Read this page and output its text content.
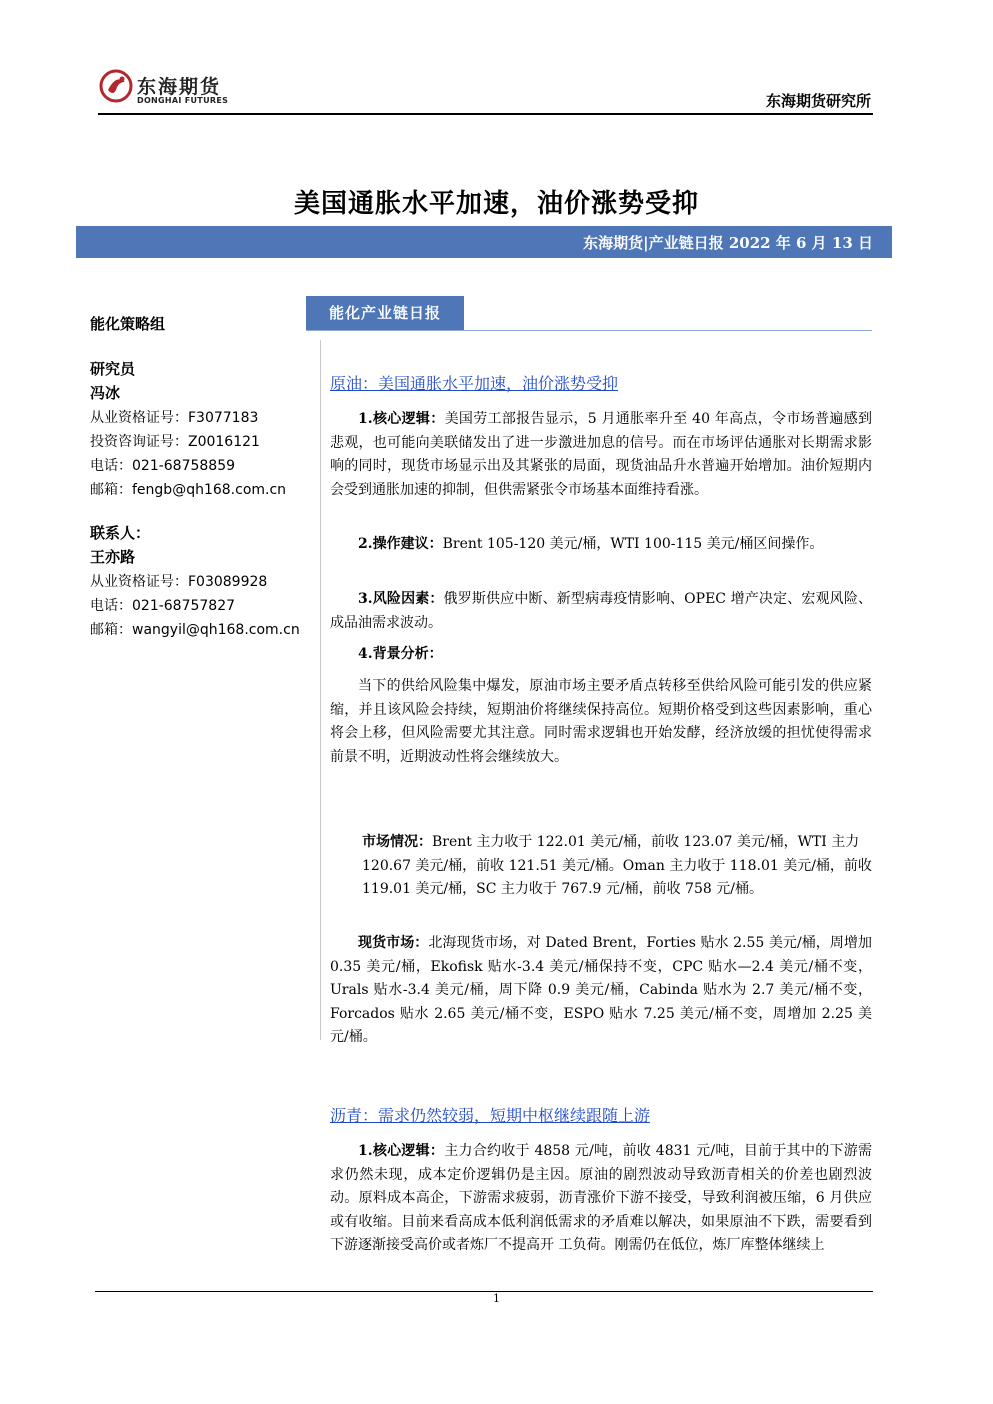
东海期货
DONGHAI FUTURES	东海期货研究所
美国通胀水平加速，油价涨势受抑
东海期货|产业链日报 2022 年 6 月 13 日
能化策略组
研究员
冯冰
从业资格证号：F3077183
投资咨询证号：Z0016121
电话：021-68758859
邮箱：fengb@qh168.com.cn
联系人：
王亦路
从业资格证号：F03089928
电话：021-68757827
邮箱：wangyil@qh168.com.cn
能化产业链日报
原油：美国通胀水平加速，油价涨势受抑
1.核心逻辑：美国劳工部报告显示，5 月通胀率升至 40 年高点，令市场普遍感到悲观，也可能向美联储发出了进一步激进加息的信号。而在市场评估通胀对长期需求影响的同时，现货市场显示出及其紧张的局面，现货油品升水普遍开始增加。油价短期内会受到通胀加速的抑制，但供需紧张令市场基本面维持看涨。
2.操作建议：Brent 105-120 美元/桶，WTI 100-115 美元/桶区间操作。
3.风险因素：俄罗斯供应中断、新型病毒疫情影响、OPEC 增产决定、宏观风险、成品油需求波动。
4.背景分析：
当下的供给风险集中爆发，原油市场主要矛盾点转移至供给风险可能引发的供应紧缩，并且该风险会持续，短期油价将继续保持高位。短期价格受到这些因素影响，重心将会上移，但风险需要尤其注意。同时需求逻辑也开始发酵，经济放缓的担忧使得需求前景不明，近期波动性将会继续放大。
市场情况：Brent 主力收于 122.01 美元/桶，前收 123.07 美元/桶，WTI 主力 120.67 美元/桶，前收 121.51 美元/桶。Oman 主力收于 118.01 美元/桶，前收 119.01 美元/桶，SC 主力收于 767.9 元/桶，前收 758 元/桶。
现货市场：北海现货市场，对 Dated Brent，Forties 贴水 2.55 美元/桶，周增加 0.35 美元/桶，Ekofisk 贴水-3.4 美元/桶保持不变，CPC 贴水—2.4 美元/桶不变，Urals 贴水-3.4 美元/桶，周下降 0.9 美元/桶，Cabinda 贴水为 2.7 美元/桶不变， Forcados 贴水 2.65 美元/桶不变，ESPO 贴水 7.25 美元/桶不变，周增加 2.25 美元/桶。
沥青：需求仍然较弱，短期中枢继续跟随上游
1.核心逻辑：主力合约收于 4858 元/吨，前收 4831 元/吨，目前于其中的下游需求仍然未现，成本定价逻辑仍是主因。原油的剧烈波动导致沥青相关的价差也剧烈波动。原料成本高企，下游需求疲弱，沥青涨价下游不接受，导致利润被压缩，6 月供应或有收缩。目前来看高成本低利润低需求的矛盾难以解决，如果原油不下跌，需要看到下游逐渐接受高价或者炼厂不提高开 工负荷。刚需仍在低位，炼厂库整体继续上
1
